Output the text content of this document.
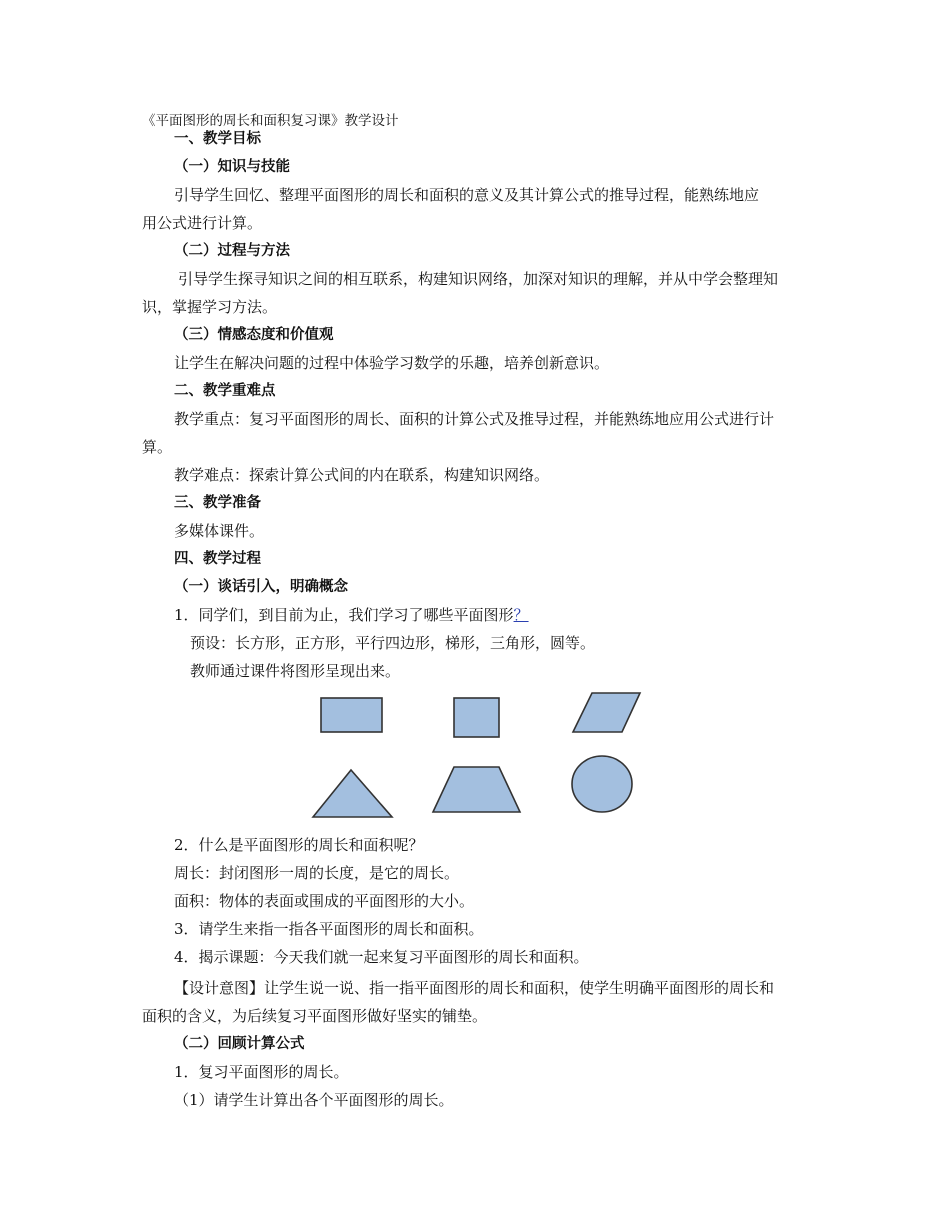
《平面图形的周长和面积复习课》教学设计
一、教学目标
（一）知识与技能
引导学生回忆、整理平面图形的周长和面积的意义及其计算公式的推导过程，能熟练地应
用公式进行计算。
（二）过程与方法
引导学生探寻知识之间的相互联系，构建知识网络，加深对知识的理解，并从中学会整理知
识，掌握学习方法。
（三）情感态度和价值观
让学生在解决问题的过程中体验学习数学的乐趣，培养创新意识。
二、教学重难点
教学重点：复习平面图形的周长、面积的计算公式及推导过程，并能熟练地应用公式进行计
算。
教学难点：探索计算公式间的内在联系，构建知识网络。
三、教学准备
多媒体课件。
四、教学过程
（一）谈话引入，明确概念
1．同学们，到目前为止，我们学习了哪些平面图形？
预设：长方形，正方形，平行四边形，梯形，三角形，圆等。
教师通过课件将图形呈现出来。
2．什么是平面图形的周长和面积呢？
周长：封闭图形一周的长度，是它的周长。
面积：物体的表面或围成的平面图形的大小。
3．请学生来指一指各平面图形的周长和面积。
4．揭示课题：今天我们就一起来复习平面图形的周长和面积。
【设计意图】让学生说一说、指一指平面图形的周长和面积，使学生明确平面图形的周长和
面积的含义，为后续复习平面图形做好坚实的铺垫。
（二）回顾计算公式
1．复习平面图形的周长。
（1）请学生计算出各个平面图形的周长。
